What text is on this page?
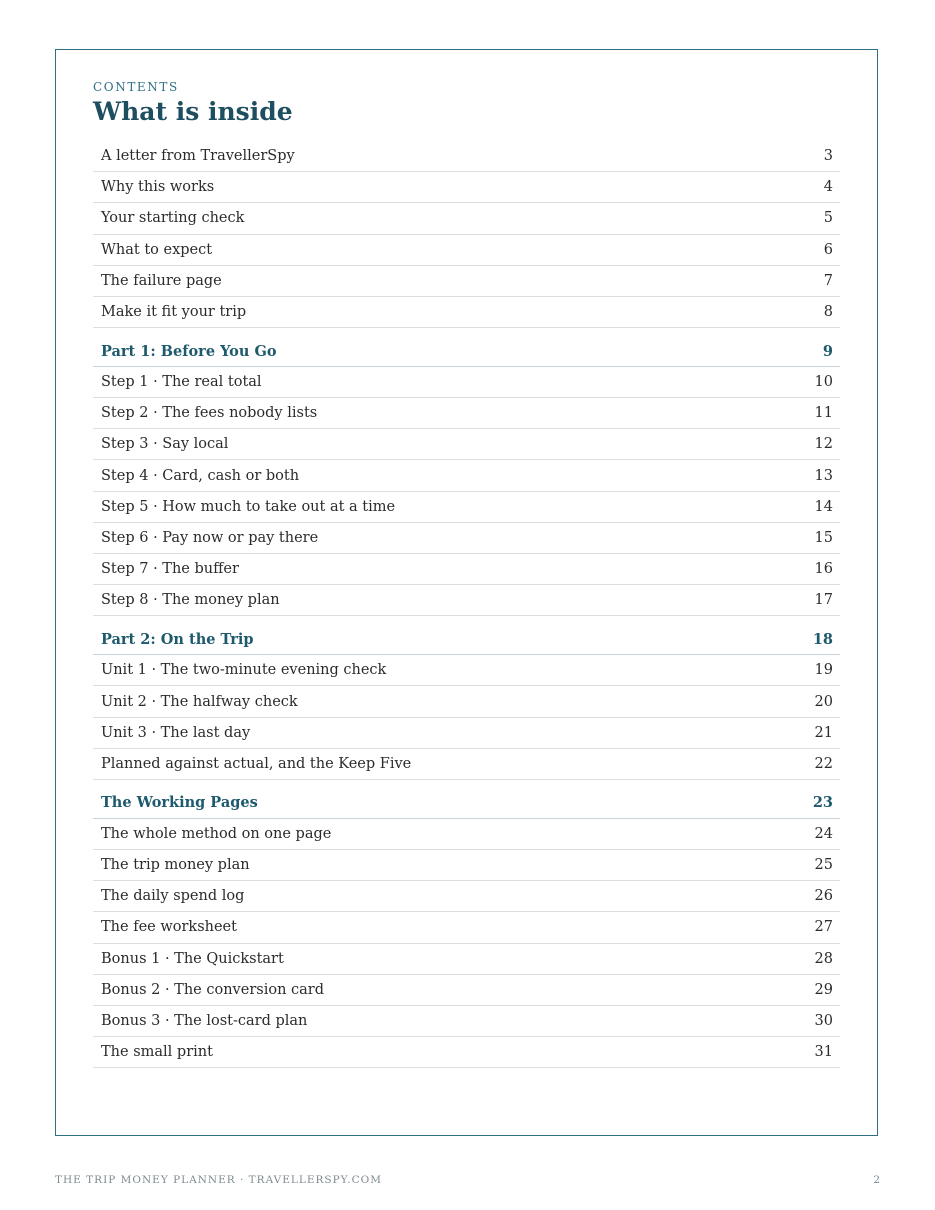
CONTENTS
What is inside
A letter from TravellerSpy	3
Why this works	4
Your starting check	5
What to expect	6
The failure page	7
Make it fit your trip	8
Part 1: Before You Go	9
Step 1 · The real total	10
Step 2 · The fees nobody lists	11
Step 3 · Say local	12
Step 4 · Card, cash or both	13
Step 5 · How much to take out at a time	14
Step 6 · Pay now or pay there	15
Step 7 · The buffer	16
Step 8 · The money plan	17
Part 2: On the Trip	18
Unit 1 · The two-minute evening check	19
Unit 2 · The halfway check	20
Unit 3 · The last day	21
Planned against actual, and the Keep Five	22
The Working Pages	23
The whole method on one page	24
The trip money plan	25
The daily spend log	26
The fee worksheet	27
Bonus 1 · The Quickstart	28
Bonus 2 · The conversion card	29
Bonus 3 · The lost-card plan	30
The small print	31
THE TRIP MONEY PLANNER · TRAVELLERSPY.COM	2
